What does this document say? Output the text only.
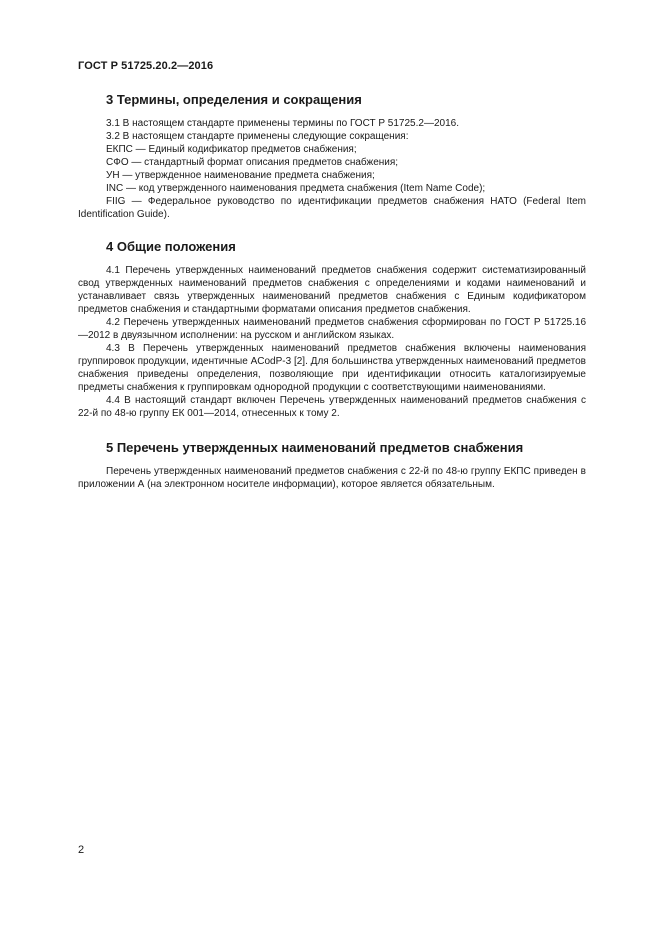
ГОСТ Р 51725.20.2—2016
3 Термины, определения и сокращения

3.1 В настоящем стандарте применены термины по ГОСТ Р 51725.2—2016.

3.2 В настоящем стандарте применены следующие сокращения:

ЕКПС — Единый кодификатор предметов снабжения;

СФО — стандартный формат описания предметов снабжения;

УН — утвержденное наименование предмета снабжения;

INC — код утвержденного наименования предмета снабжения (Item Name Code);

FIIG — Федеральное руководство по идентификации предметов снабжения НАТО (Federal Item Identification Guide).

4 Общие положения

4.1 Перечень утвержденных наименований предметов снабжения содержит систематизированный свод утвержденных наименований предметов снабжения с определениями и кодами наименований и устанавливает связь утвержденных наименований предметов снабжения с Единым кодификатором предметов снабжения и стандартными форматами описания предметов снабжения.

4.2 Перечень утвержденных наименований предметов снабжения сформирован по ГОСТ Р 51725.16—2012 в двуязычном исполнении: на русском и английском языках.

4.3 В Перечень утвержденных наименований предметов снабжения включены наименования группировок продукции, идентичные ACodP-3 [2]. Для большинства утвержденных наименований предметов снабжения приведены определения, позволяющие при идентификации относить каталогизируемые предметы снабжения к группировкам однородной продукции с соответствующими наименованиями.

4.4 В настоящий стандарт включен Перечень утвержденных наименований предметов снабжения с 22-й по 48-ю группу ЕК 001—2014, отнесенных к тому 2.

5 Перечень утвержденных наименований предметов снабжения

Перечень утвержденных наименований предметов снабжения с 22-й по 48-ю группу ЕКПС приведен в приложении А (на электронном носителе информации), которое является обязательным.

2
